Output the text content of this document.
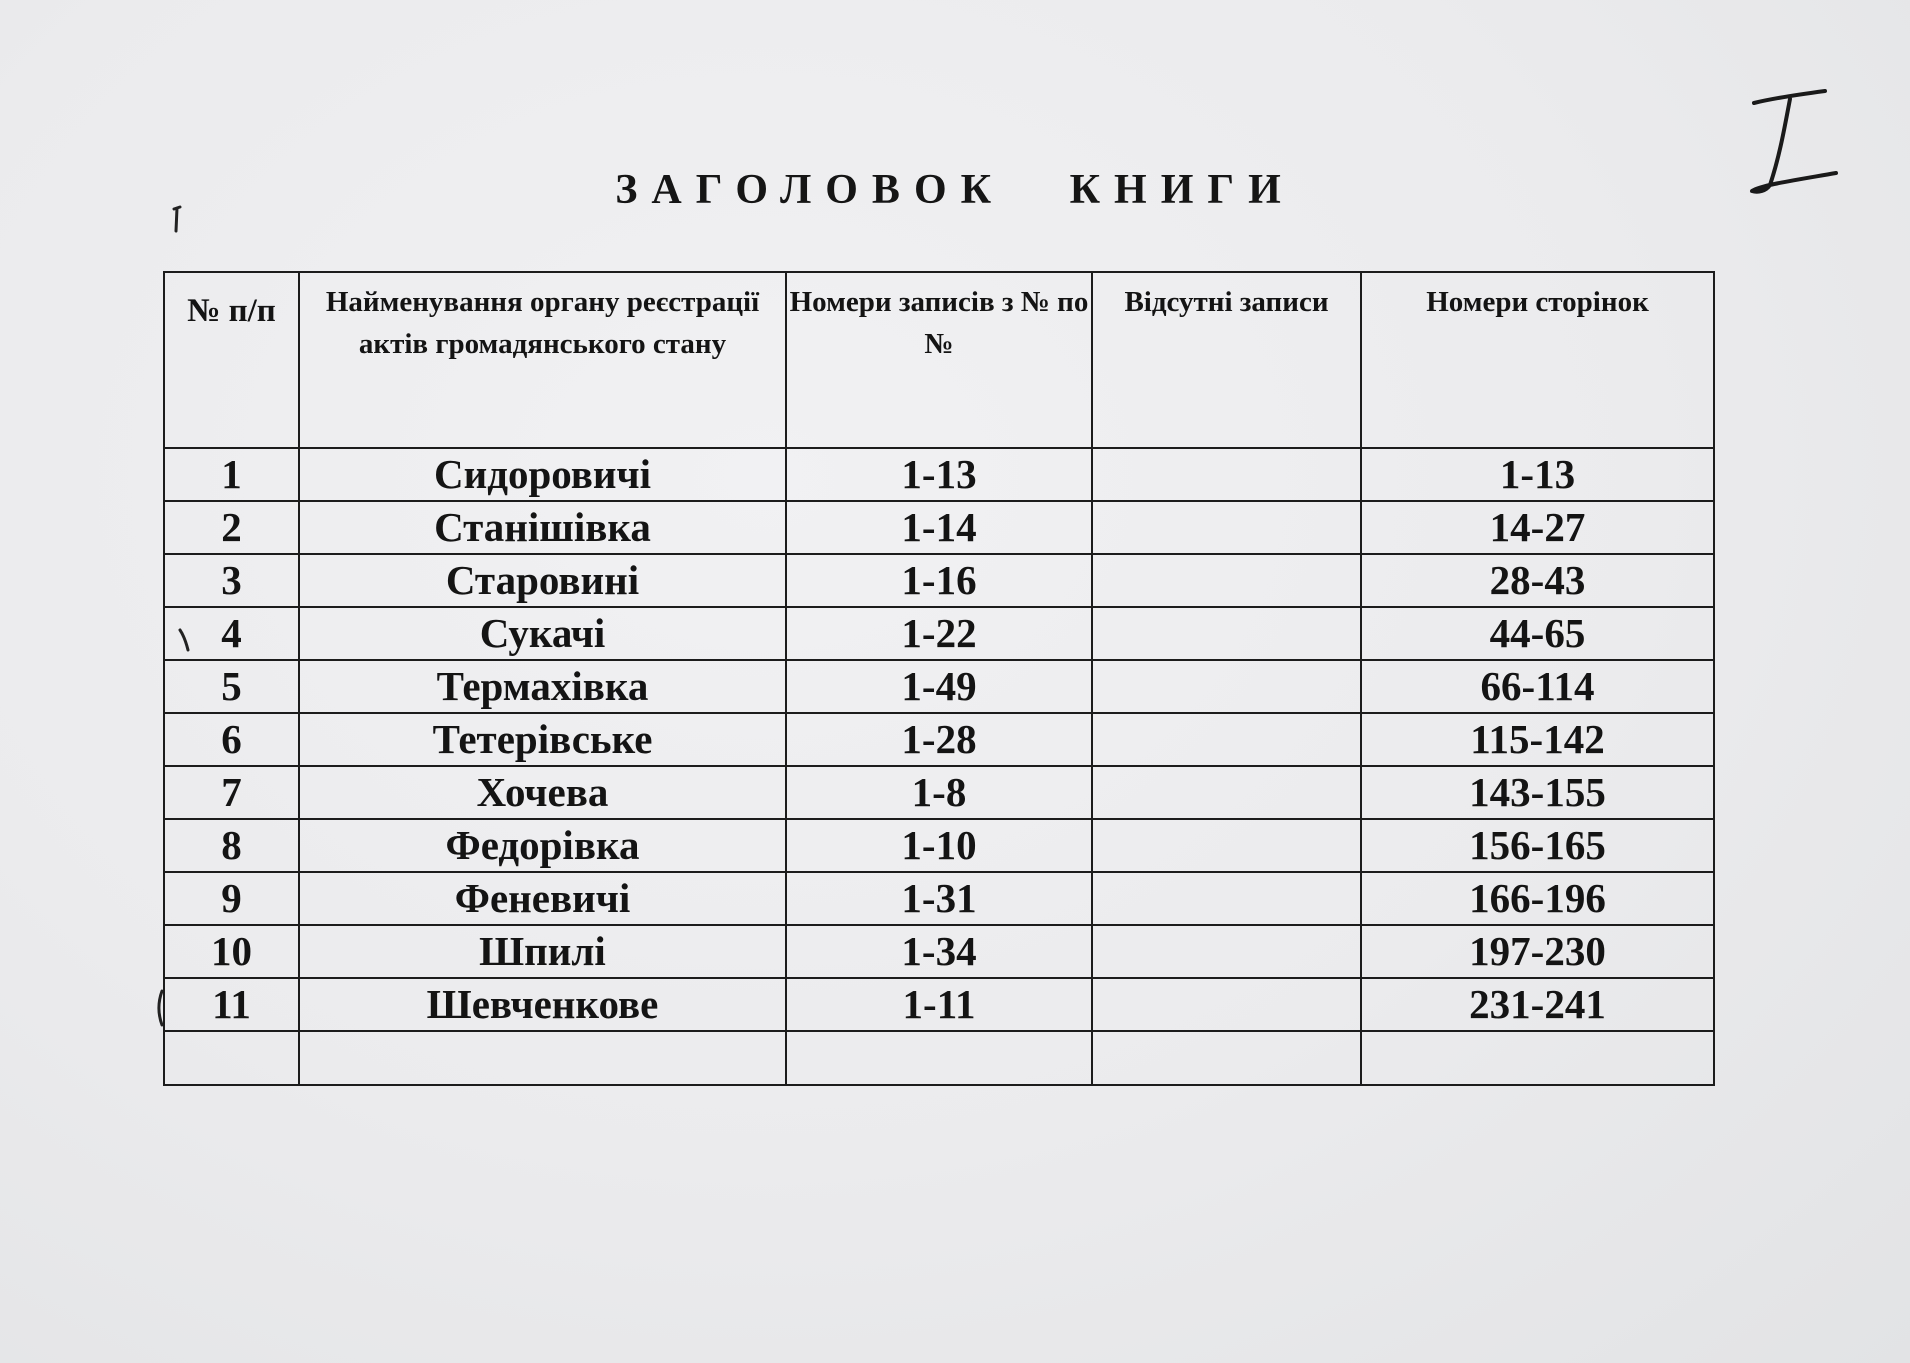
ЗАГОЛОВОК КНИГИ
№ п/п	Найменування органу реєстрації актів громадянського стану	Номери записів з № по №	Відсутні записи	Номери сторінок
1	Сидоровичі	1-13		1-13
2	Станішівка	1-14		14-27
3	Старовині	1-16		28-43
4	Сукачі	1-22		44-65
5	Термахівка	1-49		66-114
6	Тетерівське	1-28		115-142
7	Хочева	1-8		143-155
8	Федорівка	1-10		156-165
9	Феневичі	1-31		166-196
10	Шпилі	1-34		197-230
11	Шевченкове	1-11		231-241
